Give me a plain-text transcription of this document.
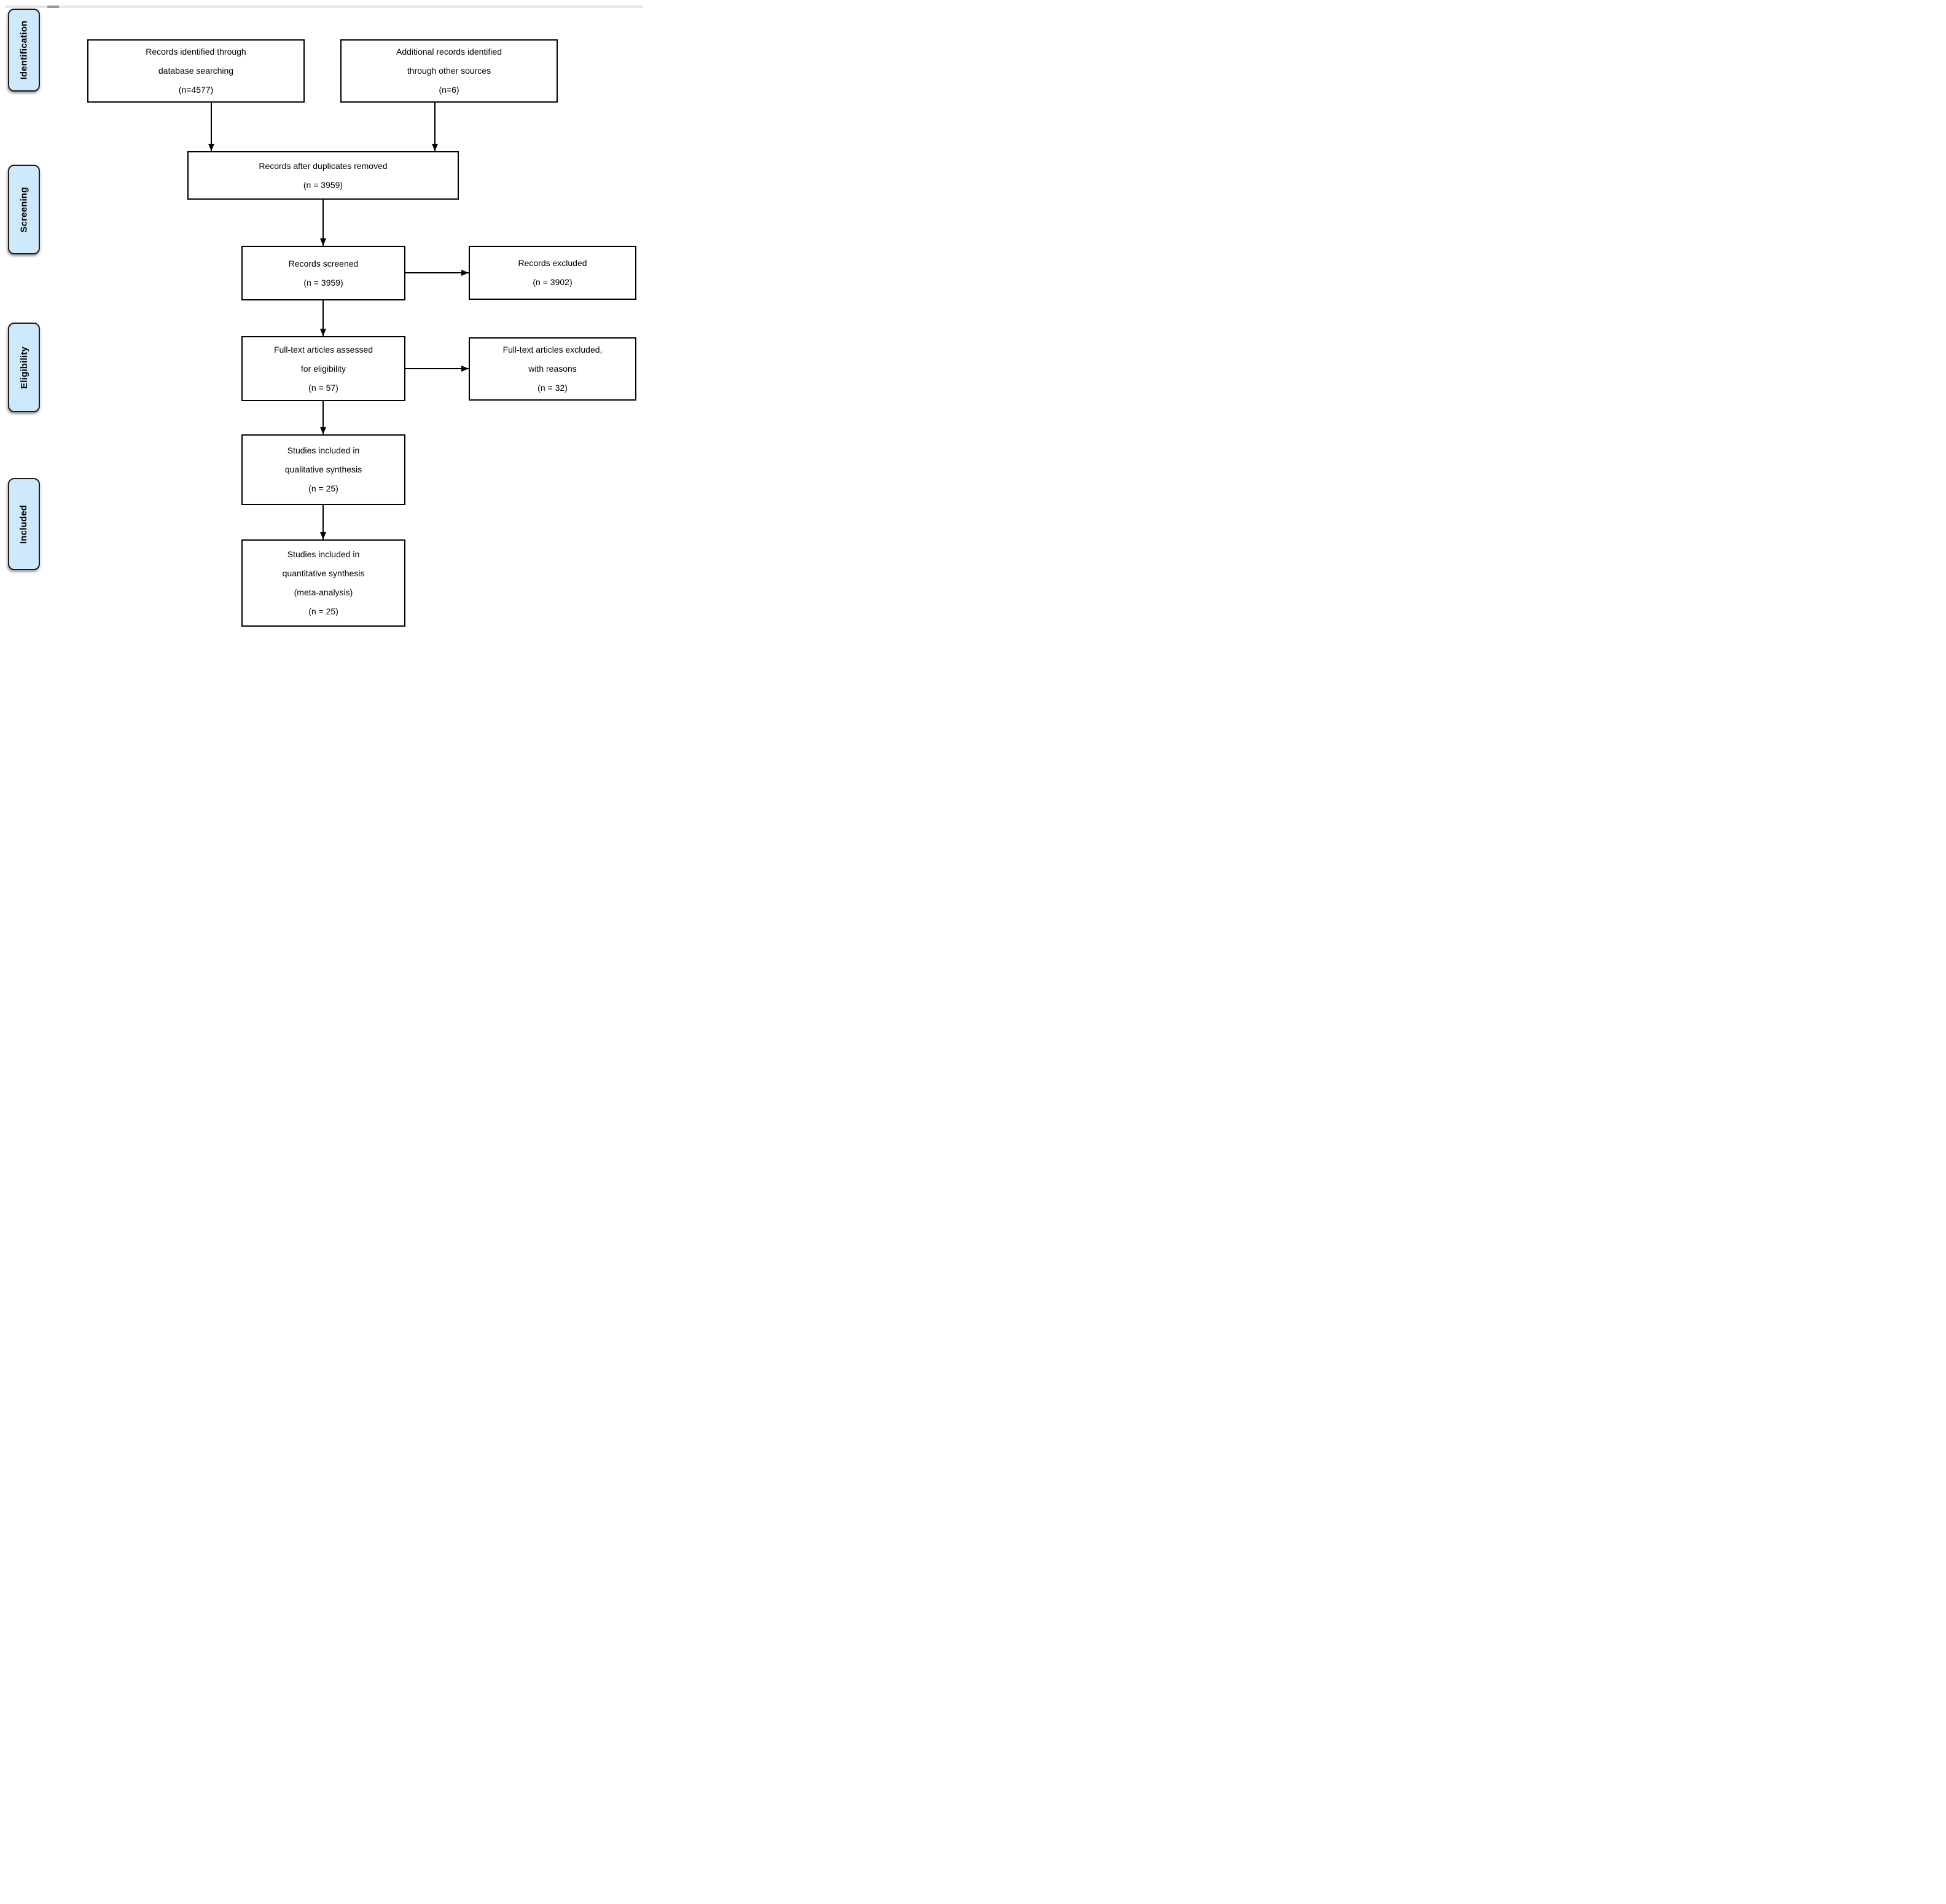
Identification
Screening
Eligibility
Included
Records identified through
database searching
(n=4577)
Additional records identified
through other sources
(n=6)
Records after duplicates removed
(n = 3959)
Records screened
(n = 3959)
Records excluded
(n = 3902)
Full-text articles assessed
for eligibility
(n = 57)
Full-text articles excluded,
with reasons
(n = 32)
Studies included in
qualitative synthesis
(n = 25)
Studies included in
quantitative synthesis
(meta-analysis)
(n = 25)
